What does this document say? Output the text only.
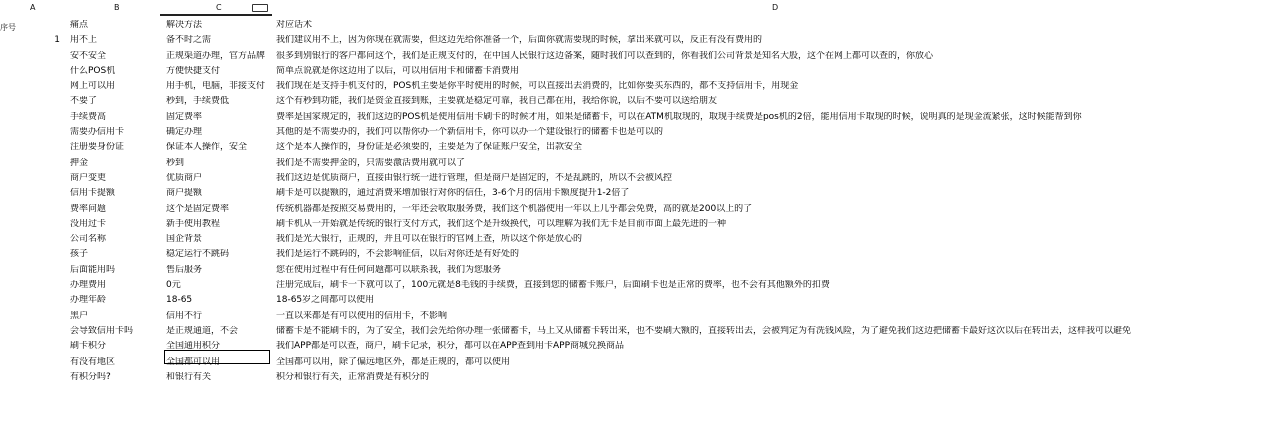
序号
A	B	C	D
痛点	解决方法	对应话术
1 用不上	备不时之需	我们建议用不上，因为你现在就需要，但这边先给你准备一个，后面你就需要现的时候，拿出来就可以，反正有没有费用的
安不安全	正规渠道办理，官方品牌	很多到别银行的客户都问这个，我们是正规支付的，在中国人民银行这边备案，随时我们可以查到的，你看我们公司背景是知名大股，这个在网上都可以查的，你放心
什么POS机	方便快捷支付	简单点说就是你这边用了以后，可以用信用卡和储蓄卡消费用
网上可以用	用手机，电脑，非接支付	我们现在是支持手机支付的，POS机主要是你平时使用的时候，可以直接出去消费的，比如你要买东西的，都不支持信用卡，用现金
不要了	秒到，手续费低	这个有秒到功能，我们是资金直接到账，主要就是稳定可靠，我自己都在用，我给你说，以后不要可以送给朋友
手续费高	固定费率	费率是国家规定的，我们这边的POS机是使用信用卡刷卡的时候才用，如果是储蓄卡，可以在ATM机取现的，取现手续费是pos机的2倍，能用信用卡取现的时候，说明真的是现金流紧张，这时候能帮到你
需要办信用卡	确定办理	其他的是不需要办的，我们可以帮你办一个新信用卡，你可以办一个建设银行的储蓄卡也是可以的
注册要身份证	保证本人操作，安全	这个是本人操作的，身份证是必须要的，主要是为了保证账户安全，出款安全
押金	秒到	我们是不需要押金的，只需要激活费用就可以了
商户变更	优质商户	我们这边是优质商户，直接由银行统一进行管理，但是商户是固定的，不是乱跳的，所以不会被风控
信用卡提额	商户提额	刷卡是可以提额的，通过消费来增加银行对你的信任，3-6个月的信用卡额度提升1-2倍了
费率问题	这个是固定费率	传统机器都是按照交易费用的，一年还会收取服务费，我们这个机器使用一年以上几乎都会免费，高的就是200以上的了
没用过卡	新手使用教程	刷卡机从一开始就是传统的银行支付方式，我们这个是升级换代，可以理解为我们无卡是目前市面上最先进的一种
公司名称	国企背景	我们是光大银行，正规的，并且可以在银行的官网上查，所以这个你是放心的
孩子	稳定运行不跳码	我们是运行不跳码的，不会影响征信，以后对你还是有好处的
后面能用吗	售后服务	您在使用过程中有任何问题都可以联系我，我们为您服务
办理费用	0元	注册完成后，刷卡一下就可以了，100元就是8毛钱的手续费，直接到您的储蓄卡账户，后面刷卡也是正常的费率，也不会有其他额外的扣费
办理年龄	18-65	18-65岁之间都可以使用
黑户	信用不行	一直以来都是有可以使用的信用卡，不影响
会导致信用卡吗	是正规通道，不会	储蓄卡是不能刷卡的，为了安全，我们会先给你办理一张储蓄卡，马上又从储蓄卡转出来，也不要刷大额的，直接转出去，会被判定为有洗钱风险，为了避免我们这边把储蓄卡最好这次以后在转出去，这样我可以避免
刷卡积分	全国通用积分	我们APP都是可以查，商户，刷卡记录，积分，都可以在APP查到用卡APP商城兑换商品
有没有地区	全国都可以用	全国都可以用，除了偏远地区外，都是正规的，都可以使用
有积分吗?	和银行有关	积分和银行有关，正常消费是有积分的
